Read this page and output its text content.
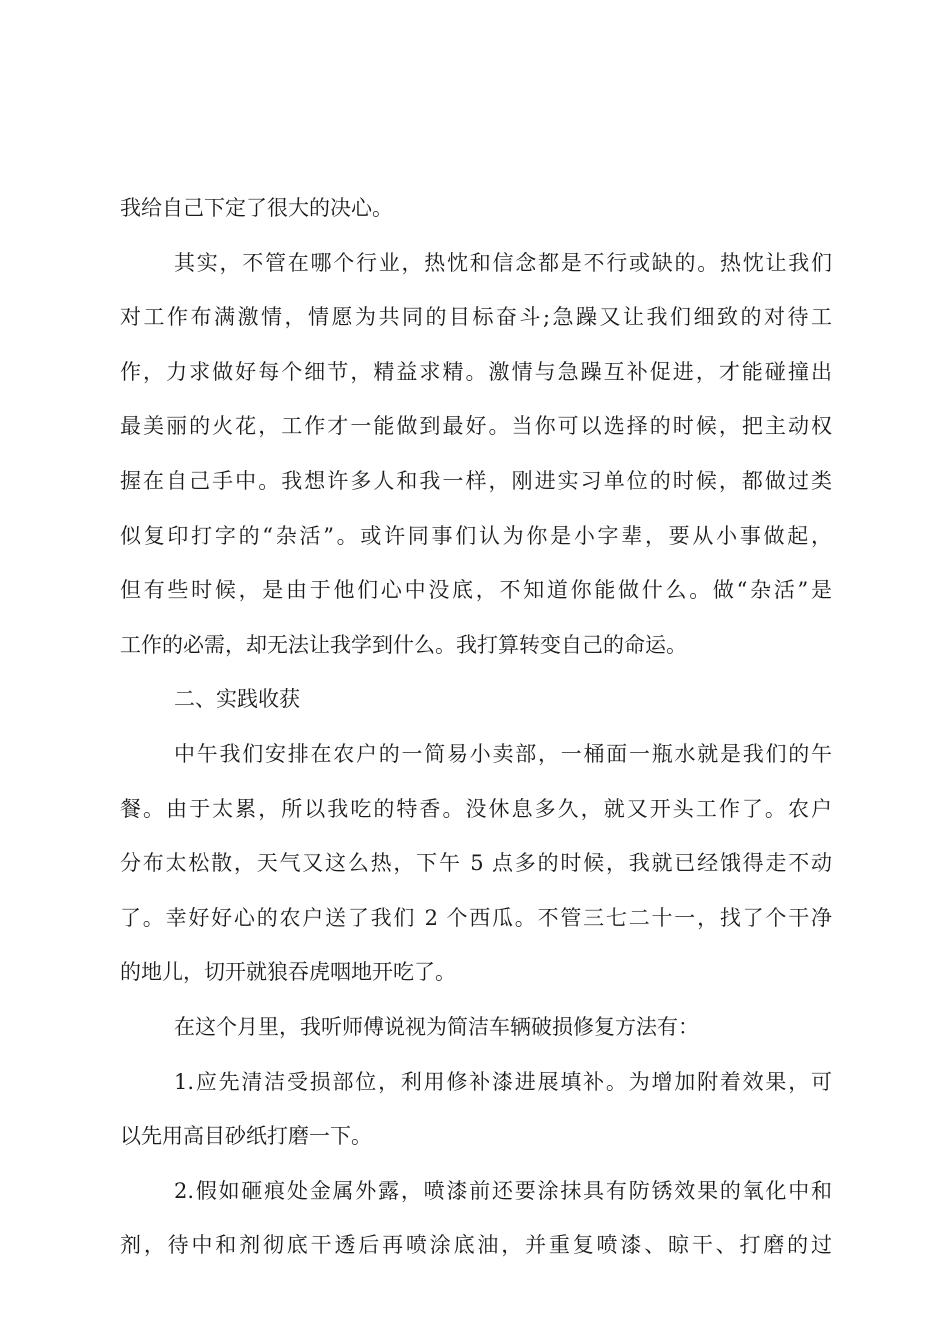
我给自己下定了很大的决心。
其实，不管在哪个行业，热忱和信念都是不行或缺的。热忱让我们
对工作布满激情，情愿为共同的目标奋斗;急躁又让我们细致的对待工
作，力求做好每个细节，精益求精。激情与急躁互补促进，才能碰撞出
最美丽的火花，工作才一能做到最好。当你可以选择的时候，把主动权
握在自己手中。我想许多人和我一样，刚进实习单位的时候，都做过类
似复印打字的“杂活”。或许同事们认为你是小字辈，要从小事做起，
但有些时候，是由于他们心中没底，不知道你能做什么。做“杂活”是
工作的必需，却无法让我学到什么。我打算转变自己的命运。
二、实践收获
中午我们安排在农户的一简易小卖部，一桶面一瓶水就是我们的午
餐。由于太累，所以我吃的特香。没休息多久，就又开头工作了。农户
分布太松散，天气又这么热，下午 5 点多的时候，我就已经饿得走不动
了。幸好好心的农户送了我们 2 个西瓜。不管三七二十一，找了个干净
的地儿，切开就狼吞虎咽地开吃了。
在这个月里，我听师傅说视为简洁车辆破损修复方法有：
1.应先清洁受损部位，利用修补漆进展填补。为增加附着效果，可
以先用高目砂纸打磨一下。
2.假如砸痕处金属外露，喷漆前还要涂抹具有防锈效果的氧化中和
剂，待中和剂彻底干透后再喷涂底油，并重复喷漆、晾干、打磨的过
